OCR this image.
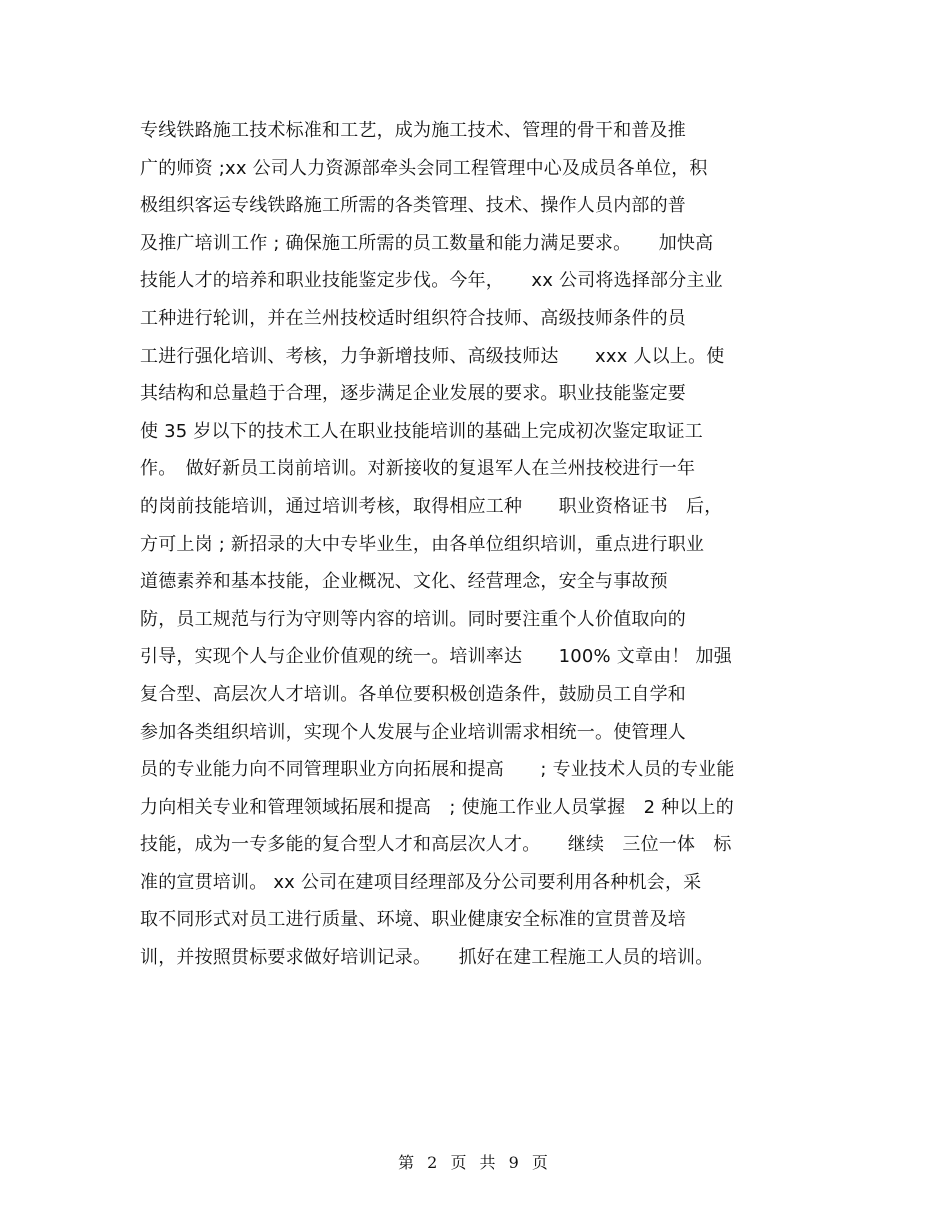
专线铁路施工技术标准和工艺，成为施工技术、管理的骨干和普及推
广的师资 ;xx 公司人力资源部牵头会同工程管理中心及成员各单位，积
极组织客运专线铁路施工所需的各类管理、技术、操作人员内部的普
及推广培训工作 ; 确保施工所需的员工数量和能力满足要求。　　加快高
技能人才的培养和职业技能鉴定步伐。今年，　　xx 公司将选择部分主业
工种进行轮训，并在兰州技校适时组织符合技师、高级技师条件的员
工进行强化培训、考核，力争新增技师、高级技师达　　xxx 人以上。使
其结构和总量趋于合理，逐步满足企业发展的要求。职业技能鉴定要
使 35 岁以下的技术工人在职业技能培训的基础上完成初次鉴定取证工
作。　做好新员工岗前培训。对新接收的复退军人在兰州技校进行一年
的岗前技能培训，通过培训考核，取得相应工种　　职业资格证书　后，
方可上岗 ; 新招录的大中专毕业生，由各单位组织培训，重点进行职业
道德素养和基本技能，企业概况、文化、经营理念，安全与事故预
防，员工规范与行为守则等内容的培训。同时要注重个人价值取向的
引导，实现个人与企业价值观的统一。培训率达　　100% 文章由！ 加强
复合型、高层次人才培训。各单位要积极创造条件，鼓励员工自学和
参加各类组织培训，实现个人发展与企业培训需求相统一。使管理人
员的专业能力向不同管理职业方向拓展和提高　　; 专业技术人员的专业能
力向相关专业和管理领域拓展和提高　; 使施工作业人员掌握　2 种以上的
技能，成为一专多能的复合型人才和高层次人才。　　继续　三位一体　标
准的宣贯培训。 xx 公司在建项目经理部及分公司要利用各种机会，采
取不同形式对员工进行质量、环境、职业健康安全标准的宣贯普及培
训，并按照贯标要求做好培训记录。　　抓好在建工程施工人员的培训。
第 2 页 共 9 页
